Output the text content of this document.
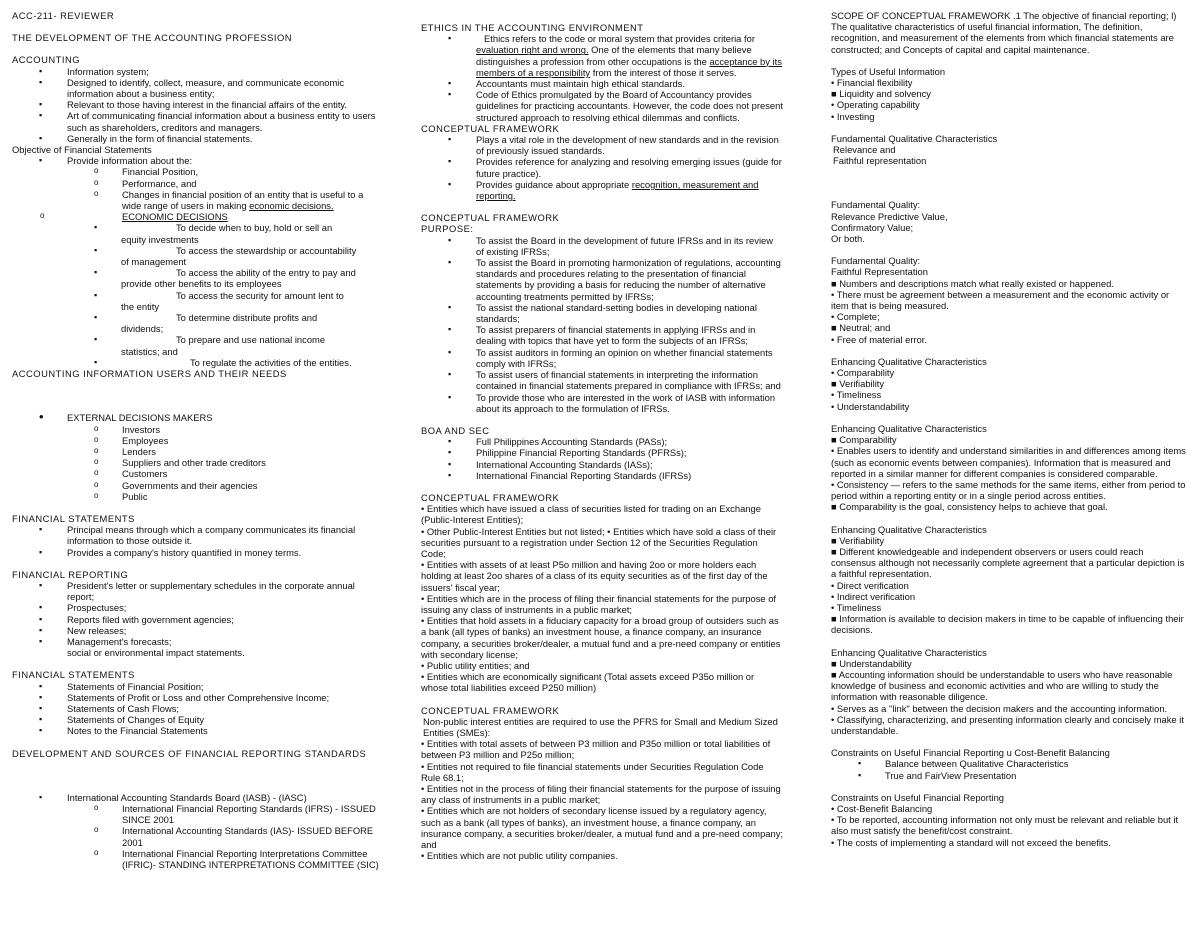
ACC-211- REVIEWER

THE DEVELOPMENT OF THE ACCOUNTING PROFESSION

ACCOUNTING

▪ Information system;
▪ Designed to identify, collect, measure, and communicate economic information about a business entity;
▪ Relevant to those having interest in the financial affairs of the entity.
▪ Art of communicating financial information about a business entity to users such as shareholders, creditors and managers.
▪ Generally in the form of financial statements.

Objective of Financial Statements

▪ Provide information about the:
o Financial Position,
o Performance, and
o Changes in financial position of an entity that is useful to a wide range of users in making economic decisions.
o ECONOMIC DECISIONS
▪ To decide when to buy, hold or sell an
equity investments
▪ To access the stewardship or accountability
of management
▪ To access the ability of the entry to pay and
provide other benefits to its employees
▪ To access the security for amount lent to
the entity
▪ To determine distribute profits and
dividends;
▪ To prepare and use national income
statistics; and
▪ To regulate the activities of the entities.

ACCOUNTING INFORMATION USERS AND THEIR NEEDS

• EXTERNAL DECISIONS MAKERS
o Investors
o Employees
o Lenders
o Suppliers and other trade creditors
o Customers
o Governments and their agencies
o Public

FINANCIAL STATEMENTS

▪ Principal means through which a company communicates its financial information to those outside it.
▪ Provides a company's history quantified in money terms.

FINANCIAL REPORTING

▪ President's letter or supplementary schedules in the corporate annual report;
▪ Prospectuses;
▪ Reports filed with government agencies;
▪ New releases;
▪ Management's forecasts;
social or environmental impact statements.

FINANCIAL STATEMENTS

▪ Statements of Financial Position;
▪ Statements of Profit or Loss and other Comprehensive Income;
▪ Statements of Cash Flows;
▪ Statements of Changes of Equity
▪ Notes to the Financial Statements

DEVELOPMENT AND SOURCES OF FINANCIAL REPORTING STANDARDS

▪ International Accounting Standards Board (IASB) - (IASC)
o International Financial Reporting Standards (IFRS) - ISSUED SINCE 2001
o International Accounting Standards (IAS)- ISSUED BEFORE 2001
o International Financial Reporting Interpretations Committee (IFRIC)- STANDING INTERPRETATIONS COMMITTEE (SIC)

ETHICS IN THE ACCOUNTING ENVIRONMENT

▪ Ethics refers to the code or moral system that provides criteria for evaluation right and wrong. One of the elements that many believe distinguishes a profession from other occupations is the acceptance by its members of a responsibility from the interest of those it serves.
▪ Accountants must maintain high ethical standards.
▪ Code of Ethics promulgated by the Board of Accountancy provides guidelines for practicing accountants. However, the code does not present structured approach to resolving ethical dilemmas and conflicts.

CONCEPTUAL FRAMEWORK

▪ Plays a vital role in the development of new standards and in the revision of previously issued standards.
▪ Provides reference for analyzing and resolving emerging issues (guide for future practice).
▪ Provides guidance about appropriate recognition, measurement and reporting.

CONCEPTUAL FRAMEWORK

PURPOSE:

▪ To assist the Board in the development of future IFRSs and in its review of existing IFRSs;
▪ To assist the Board in promoting harmonization of regulations, accounting standards and procedures relating to the presentation of financial statements by providing a basis for reducing the number of alternative accounting treatments permitted by IFRSs;
▪ To assist the national standard-setting bodies in developing national standards;
▪ To assist preparers of financial statements in applying IFRSs and in dealing with topics that have yet to form the subjects of an IFRSs;
▪ To assist auditors in forming an opinion on whether financial statements comply with IFRSs;
▪ To assist users of financial statements in interpreting the information contained in financial statements prepared in compliance with IFRSs; and
▪ To provide those who are interested in the work of IASB with information about its approach to the formulation of IFRSs.

BOA AND SEC

▪ Full Philippines Accounting Standards (PASs);
▪ Philippine Financial Reporting Standards (PFRSs);
▪ International Accounting Standards (IASs);
▪ International Financial Reporting Standards (IFRSs)

CONCEPTUAL FRAMEWORK

• Entities which have issued a class of securities listed for trading on an Exchange (Public-Interest Entities);

• Other Public-Interest Entities but not listed; • Entities which have sold a class of their securities pursuant to a registration under Section 12 of the Securities Regulation Code;

• Entities with assets of at least P5o million and having 2oo or more holders each holding at least 2oo shares of a class of its equity securities as of the first day of the issuers' fiscal year;

• Entities which are in the process of filing their financial statements for the purpose of issuing any class of instruments in a public market;

• Entities that hold assets in a fiduciary capacity for a broad group of outsiders such as a bank (all types of banks) an investment house, a finance company, an insurance company, a securities broker/dealer, a mutual fund and a pre-need company or entities with secondary license;

• Public utility entities; and

• Entities which are economically significant (Total assets exceed P35o million or whose total liabilities exceed P250 million)

CONCEPTUAL FRAMEWORK

Non-public interest entities are required to use the PFRS for Small and Medium Sized Entities (SMEs):

• Entities with total assets of between P3 million and P35o million or total liabilities of between P3 million and P25o million;

• Entities not required to file financial statements under Securities Regulation Code Rule 68.1;

• Entities not in the process of filing their financial statements for the purpose of issuing any class of instruments in a public market;

• Entities which are not holders of secondary license issued by a regulatory agency, such as a bank (all types of banks), an investment house, a finance company, an insurance company, a securities broker/dealer, a mutual fund and a pre-need company; and

• Entities which are not public utility companies.

SCOPE OF CONCEPTUAL FRAMEWORK .1 The objective of financial reporting; l) The qualitative characteristics of useful financial information, The definition, recognition, and measurement of the elements from which financial statements are constructed; and Concepts of capital and capital maintenance.

Types of Useful Information

• Financial flexibility

■ Liquidity and solvency

• Operating capability

• Investing

Fundamental Qualitative Characteristics

Relevance and

Faithful representation

Fundamental Quality:

Relevance Predictive Value,

Confirmatory Value;

Or both.

Fundamental Quality:

Faithful Representation

■ Numbers and descriptions match what really existed or happened.

• There must be agreement between a measurement and the economic activity or item that is being measured.

• Complete;

■ Neutral; and

• Free of material error.

Enhancing Qualitative Characteristics

• Comparability

■ Verifiability

• Timeliness

• Understandability

Enhancing Qualitative Characteristics

■ Comparability

• Enables users to identify and understand similarities in and differences among items (such as economic events between companies). Information that is measured and reported in a similar manner for different companies is considered comparable.

• Consistency — refers to the same methods for the same items, either from period to period within a reporting entity or in a single period across entities.

■ Comparability is the goal, consistency helps to achieve that goal.

Enhancing Qualitative Characteristics

■ Verifiability

■ Different knowledgeable and independent observers or users could reach consensus although not necessarily complete agreement that a particular depiction is a faithful representation.

• Direct verification

• Indirect verification

• Timeliness

■ Information is available to decision makers in time to be capable of influencing their decisions.

Enhancing Qualitative Characteristics

■ Understandability

■ Accounting information should be understandable to users who have reasonable knowledge of business and economic activities and who are willing to study the information with reasonable diligence.

• Serves as a "link" between the decision makers and the accounting information.

• Classifying, characterizing, and presenting information clearly and concisely make it understandable.

Constraints on Useful Financial Reporting u Cost-Benefit Balancing

▪ Balance between Qualitative Characteristics
▪ True and FairView Presentation

Constraints on Useful Financial Reporting

• Cost-Benefit Balancing

• To be reported, accounting information not only must be relevant and reliable but it also must satisfy the benefit/cost constraint.

• The costs of implementing a standard will not exceed the benefits.
